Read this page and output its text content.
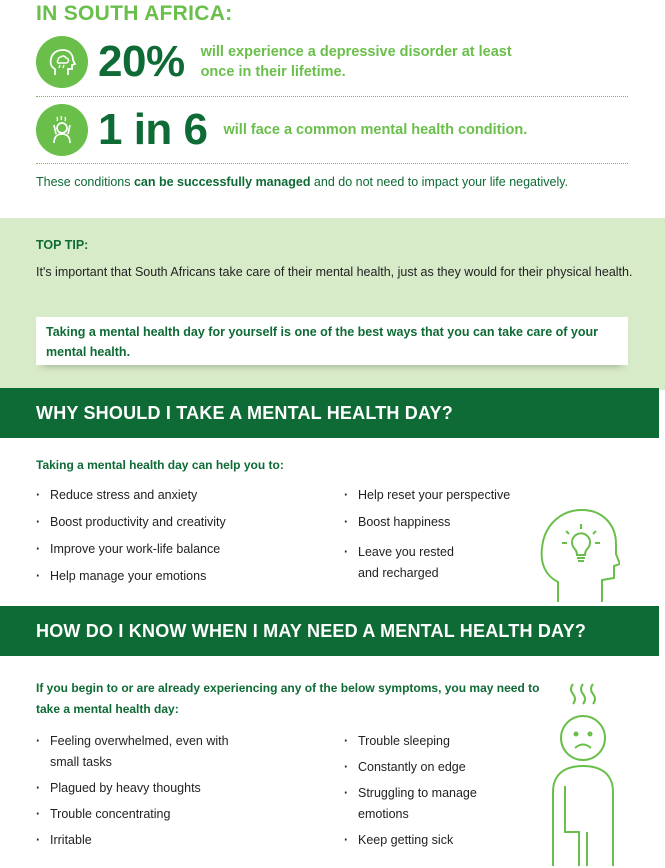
IN SOUTH AFRICA:
20% will experience a depressive disorder at least
once in their lifetime.
1 in 6 will face a common mental health condition.
These conditions can be successfully managed and do not need to impact your life negatively.
TOP TIP:
It's important that South Africans take care of their mental health, just as they would for their physical health.
Taking a mental health day for yourself is one of the best ways that you can take care of your mental health.
WHY SHOULD I TAKE A MENTAL HEALTH DAY?
Taking a mental health day can help you to:
· Reduce stress and anxiety
· Boost productivity and creativity
· Improve your work-life balance
· Help manage your emotions
· Help reset your perspective
· Boost happiness
· Leave you rested
and recharged
HOW DO I KNOW WHEN I MAY NEED A MENTAL HEALTH DAY?
If you begin to or are already experiencing any of the below symptoms, you may need to take a mental health day:
· Feeling overwhelmed, even with
small tasks
· Plagued by heavy thoughts
· Trouble concentrating
· Irritable
· Trouble sleeping
· Constantly on edge
· Struggling to manage
emotions
· Keep getting sick
